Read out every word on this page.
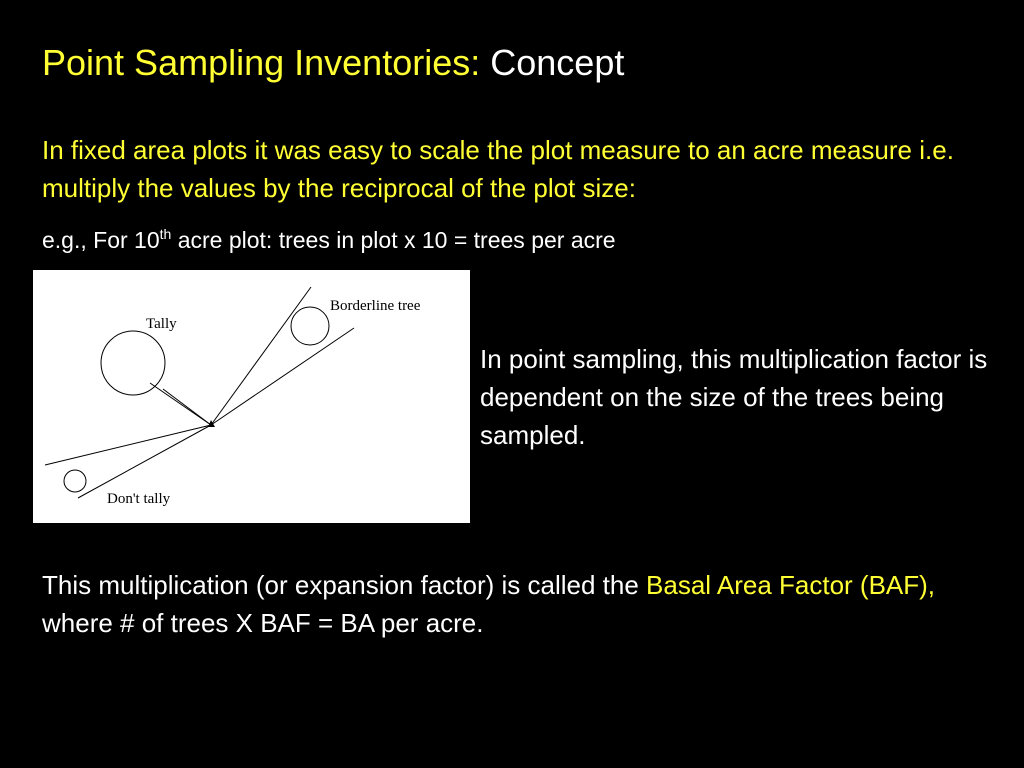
Point Sampling Inventories: Concept
In fixed area plots it was easy to scale the plot measure to an acre measure i.e. multiply the values by the reciprocal of the plot size:
e.g., For 10th acre plot: trees in plot x 10 = trees per acre
Tally
Borderline tree
Don't tally
In point sampling, this multiplication factor is dependent on the size of the trees being sampled.
This multiplication (or expansion factor) is called the Basal Area Factor (BAF), where # of trees X BAF = BA per acre.
